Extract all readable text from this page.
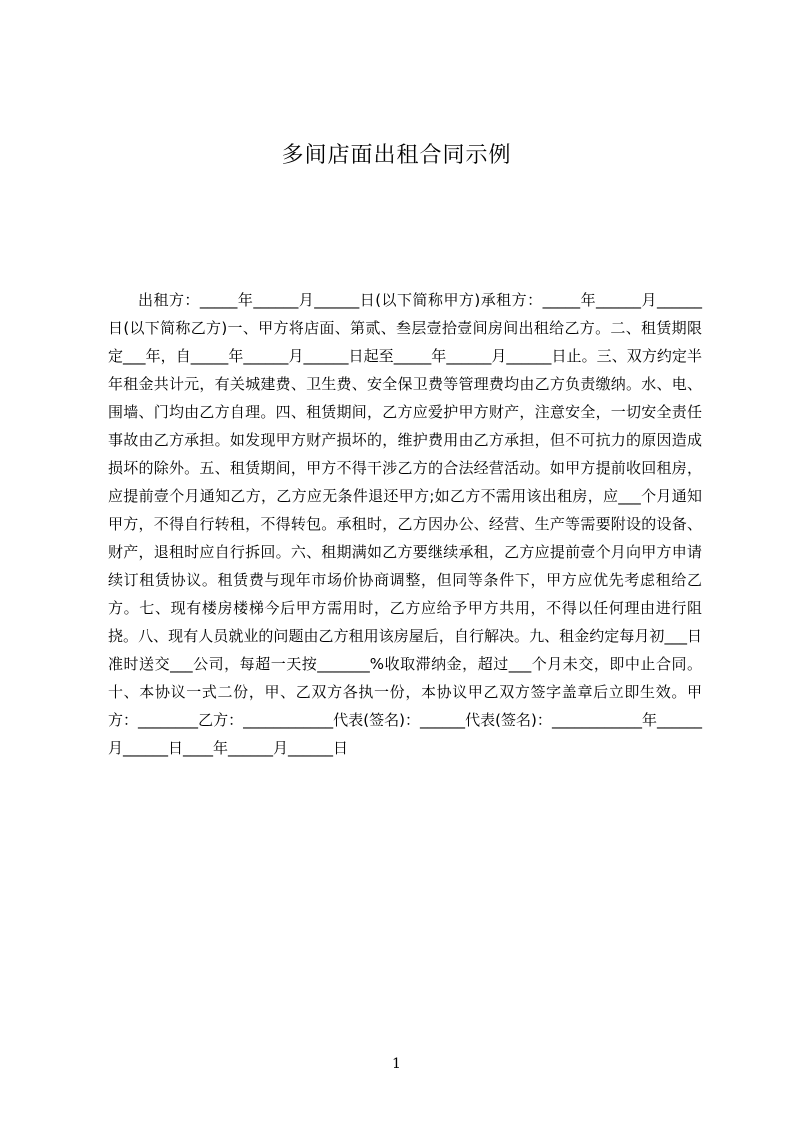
多间店面出租合同示例

出租方：_____年______月______日(以下简称甲方)承租方：_____年______月______日(以下简称乙方)一、甲方将店面、第贰、叁层壹拾壹间房间出租给乙方。二、租赁期限定___年，自_____年______月______日起至_____年______月______日止。三、双方约定半年租金共计元，有关城建费、卫生费、安全保卫费等管理费均由乙方负责缴纳。水、电、围墙、门均由乙方自理。四、租赁期间，乙方应爱护甲方财产，注意安全，一切安全责任事故由乙方承担。如发现甲方财产损坏的，维护费用由乙方承担，但不可抗力的原因造成损坏的除外。五、租赁期间，甲方不得干涉乙方的合法经营活动。如甲方提前收回租房，应提前壹个月通知乙方，乙方应无条件退还甲方;如乙方不需用该出租房，应___个月通知甲方，不得自行转租，不得转包。承租时，乙方因办公、经营、生产等需要附设的设备、财产，退租时应自行拆回。六、租期满如乙方要继续承租，乙方应提前壹个月向甲方申请续订租赁协议。租赁费与现年市场价协商调整，但同等条件下，甲方应优先考虑租给乙方。七、现有楼房楼梯今后甲方需用时，乙方应给予甲方共用，不得以任何理由进行阻挠。八、现有人员就业的问题由乙方租用该房屋后，自行解决。九、租金约定每月初___日准时送交___公司，每超一天按_______%收取滞纳金，超过___个月未交，即中止合同。十、本协议一式二份，甲、乙双方各执一份，本协议甲乙双方签字盖章后立即生效。甲方：________乙方：____________代表(签名)：______代表(签名)：____________年______月______日____年______月______日

1
